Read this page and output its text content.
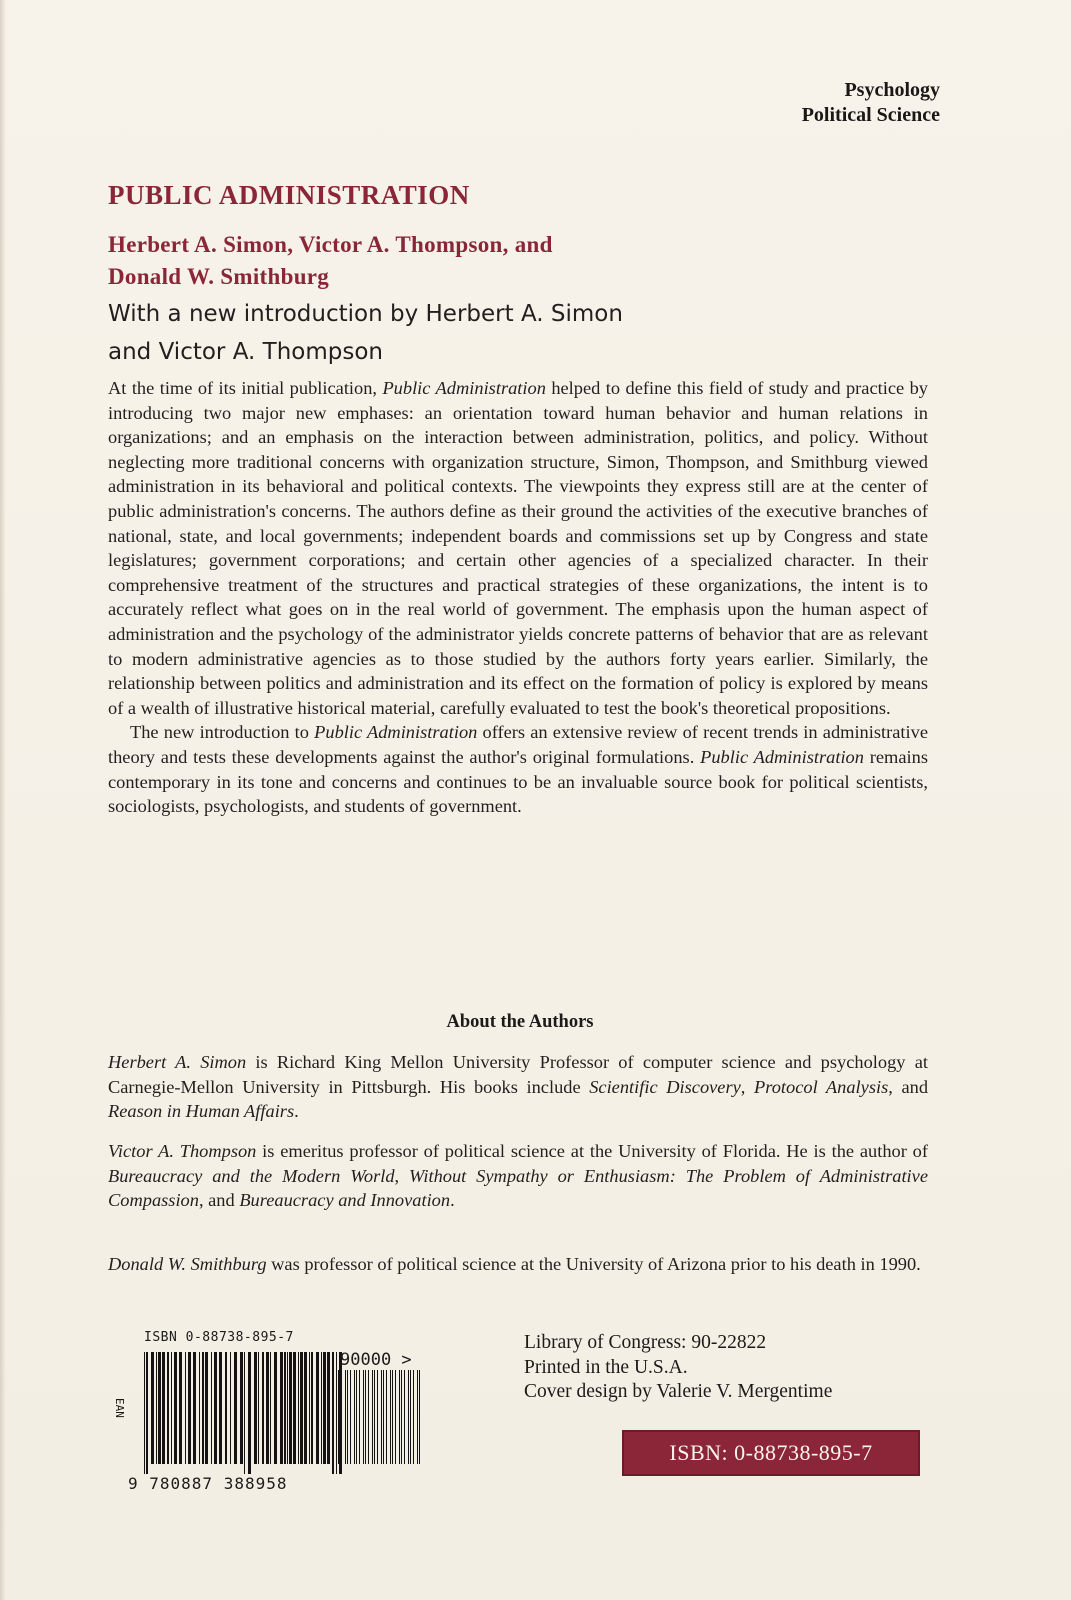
Psychology
Political Science
PUBLIC ADMINISTRATION
Herbert A. Simon, Victor A. Thompson, and
Donald W. Smithburg
With a new introduction by Herbert A. Simon
and Victor A. Thompson

At the time of its initial publication, Public Administration helped to define this field of study and practice by introducing two major new emphases: an orientation toward human behavior and human relations in organizations; and an emphasis on the interaction between administration, politics, and policy. Without neglecting more traditional concerns with organization structure, Simon, Thompson, and Smithburg viewed administration in its behavioral and political contexts. The viewpoints they express still are at the center of public administration's concerns. The authors define as their ground the activities of the executive branches of national, state, and local governments; independent boards and commissions set up by Congress and state legislatures; government corporations; and certain other agencies of a specialized character. In their comprehensive treatment of the structures and practical strategies of these organizations, the intent is to accurately reflect what goes on in the real world of government. The emphasis upon the human aspect of administration and the psychology of the administrator yields concrete patterns of behavior that are as relevant to modern administrative agencies as to those studied by the authors forty years earlier. Similarly, the relationship between politics and administration and its effect on the formation of policy is explored by means of a wealth of illustrative historical material, carefully evaluated to test the book's theoretical propositions.

The new introduction to Public Administration offers an extensive review of recent trends in administrative theory and tests these developments against the author's original formulations. Public Administration remains contemporary in its tone and concerns and continues to be an invaluable source book for political scientists, sociologists, psychologists, and students of government.

About the Authors

Herbert A. Simon is Richard King Mellon University Professor of computer science and psychology at Carnegie-Mellon University in Pittsburgh. His books include Scientific Discovery, Protocol Analysis, and Reason in Human Affairs.

Victor A. Thompson is emeritus professor of political science at the University of Florida. He is the author of Bureaucracy and the Modern World, Without Sympathy or Enthusiasm: The Problem of Administrative Compassion, and Bureaucracy and Innovation.

Donald W. Smithburg was professor of political science at the University of Arizona prior to his death in 1990.

ISBN 0-88738-895-7
EAN
90000 >
9 780887 388958
Library of Congress: 90-22822
Printed in the U.S.A.
Cover design by Valerie V. Mergentime
ISBN: 0-88738-895-7
